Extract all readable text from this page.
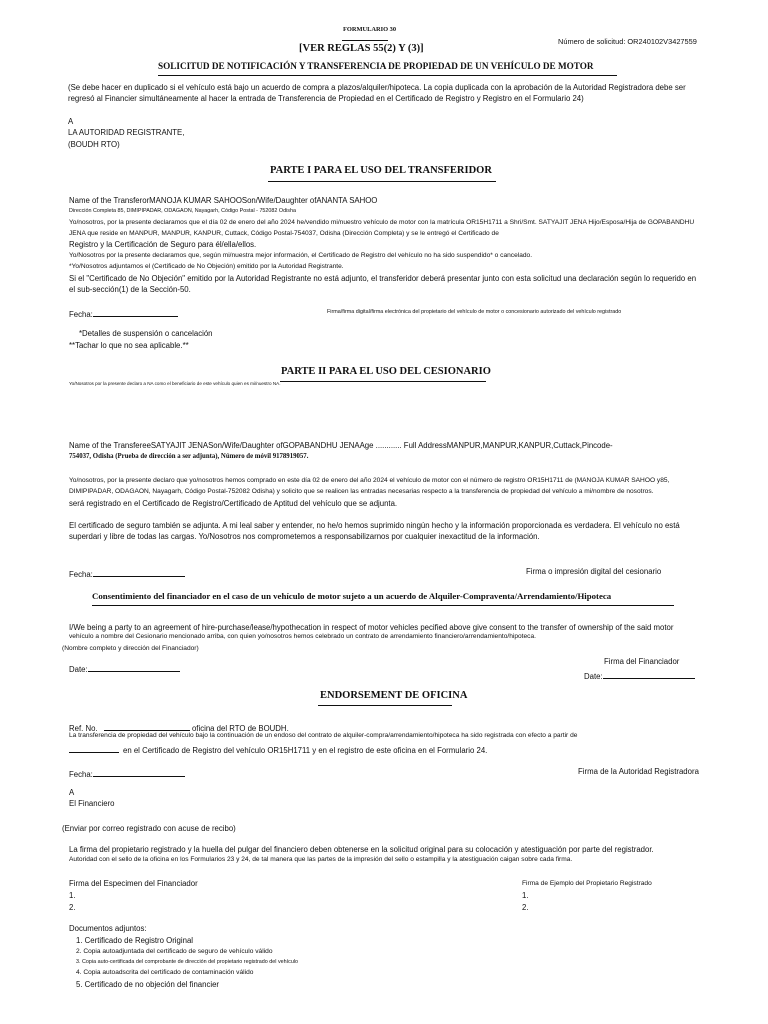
FORMULARIO 30
Número de solicitud: OR240102V3427559
[VER REGLAS 55(2) Y (3)]
SOLICITUD DE NOTIFICACIÓN Y TRANSFERENCIA DE PROPIEDAD DE UN VEHÍCULO DE MOTOR
(Se debe hacer en duplicado si el vehículo está bajo un acuerdo de compra a plazos/alquiler/hipoteca. La copia duplicada con la aprobación de la Autoridad Registradora debe ser regresó al Financier simultáneamente al hacer la entrada de Transferencia de Propiedad en el Certificado de Registro y Registro en el Formulario 24)
A
LA AUTORIDAD REGISTRANTE,
(BOUDH RTO)
PARTE I PARA EL USO DEL TRANSFERIDOR
Name of the TransferorMANOJA KUMAR SAHOOSon/Wife/Daughter ofANANTA SAHOO
Dirección Completa 85, DIMIPIPADAR, ODAGAON, Nayagarh, Código Postal - 752082 Odisha
Yo/nosotros, por la presente declaramos que el día 02 de enero del año 2024 he/vendido mi/nuestro vehículo de motor con la matrícula OR15H1711 a Shri/Smt. SATYAJIT JENA Hijo/Esposa/Hija de GOPABANDHU JENA que reside en MANPUR, MANPUR, KANPUR, Cuttack, Código Postal-754037, Odisha (Dirección Completa) y se le entregó el Certificado de
Registro y la Certificación de Seguro para él/ella/ellos.
Yo/Nosotros por la presente declaramos que, según mi/nuestra mejor información, el Certificado de Registro del vehículo no ha sido suspendido* o cancelado.
*Yo/Nosotros adjuntamos el (Certificado de No Objeción) emitido por la Autoridad Registrante.
Si el "Certificado de No Objeción" emitido por la Autoridad Registrante no está adjunto, el transferidor deberá presentar junto con esta solicitud una declaración según lo requerido en el sub-sección(1) de la Sección-50.
Fecha:	Firma/firma digital/firma electrónica del propietario del vehículo de motor o concesionario autorizado del vehículo registrado
*Detalles de suspensión o cancelación
**Tachar lo que no sea aplicable.**
PARTE II PARA EL USO DEL CESIONARIO
Yo/Nosotros por la presente declaro a NA como el beneficiario de este vehículo quien es mi/nuestro NA.
Name of the TransfereeSATYAJIT JENASon/Wife/Daughter ofGOPABANDHU JENAAge ............ Full AddressMANPUR,MANPUR,KANPUR,Cuttack,Pincode-
754037, Odisha (Prueba de dirección a ser adjunta), Número de móvil 9178919057.
Yo/nosotros, por la presente declaro que yo/nosotros hemos comprado en este día 02 de enero del año 2024 el vehículo de motor con el número de registro OR15H1711 de (MANOJA KUMAR SAHOO y85, DIMIPIPADAR, ODAGAON, Nayagarh, Código Postal-752082 Odisha) y solicito que se realicen las entradas necesarias respecto a la transferencia de propiedad del vehículo a mi/nombre de nosotros.
será registrado en el Certificado de Registro/Certificado de Aptitud del vehículo que se adjunta.
El certificado de seguro también se adjunta. A mi leal saber y entender, no he/o hemos suprimido ningún hecho y la información proporcionada es verdadera. El vehículo no está superdari y libre de todas las cargas. Yo/Nosotros nos comprometemos a responsabilizarnos por cualquier inexactitud de la información.
Fecha:	Firma o impresión digital del cesionario
Consentimiento del financiador en el caso de un vehículo de motor sujeto a un acuerdo de Alquiler-Compraventa/Arrendamiento/Hipoteca
I/We being a party to an agreement of hire-purchase/lease/hypothecation in respect of motor vehicles pecified above give consent to the transfer of ownership of the said motor
vehículo a nombre del Cesionario mencionado arriba, con quien yo/nosotros hemos celebrado un contrato de arrendamiento financiero/arrendamiento/hipoteca.
(Nombre completo y dirección del Financiador)
Firma del Financiador
Date:
Date:
ENDORSEMENT DE OFICINA
Ref. No.	oficina del RTO de BOUDH.
La transferencia de propiedad del vehículo bajo la continuación de un endoso del contrato de alquiler-compra/arrendamiento/hipoteca ha sido registrada con efecto a partir de
en el Certificado de Registro del vehículo OR15H1711 y en el registro de este oficina en el Formulario 24.
Fecha:	Firma de la Autoridad Registradora
A
El Financiero
(Enviar por correo registrado con acuse de recibo)
La firma del propietario registrado y la huella del pulgar del financiero deben obtenerse en la solicitud original para su colocación y atestiguación por parte del registrador.
Autoridad con el sello de la oficina en los Formularios 23 y 24, de tal manera que las partes de la impresión del sello o estampilla y la atestiguación caigan sobre cada firma.
Firma del Especimen del Financiador	Firma de Ejemplo del Propietario Registrado
1.
2.
1.
2.
Documentos adjuntos:
1. Certificado de Registro Original
2. Copia autoadjuntada del certificado de seguro de vehículo válido
3. Copia auto-certificada del comprobante de dirección del propietario registrado del vehículo
4. Copia autoadscrita del certificado de contaminación válido
5. Certificado de no objeción del financier
